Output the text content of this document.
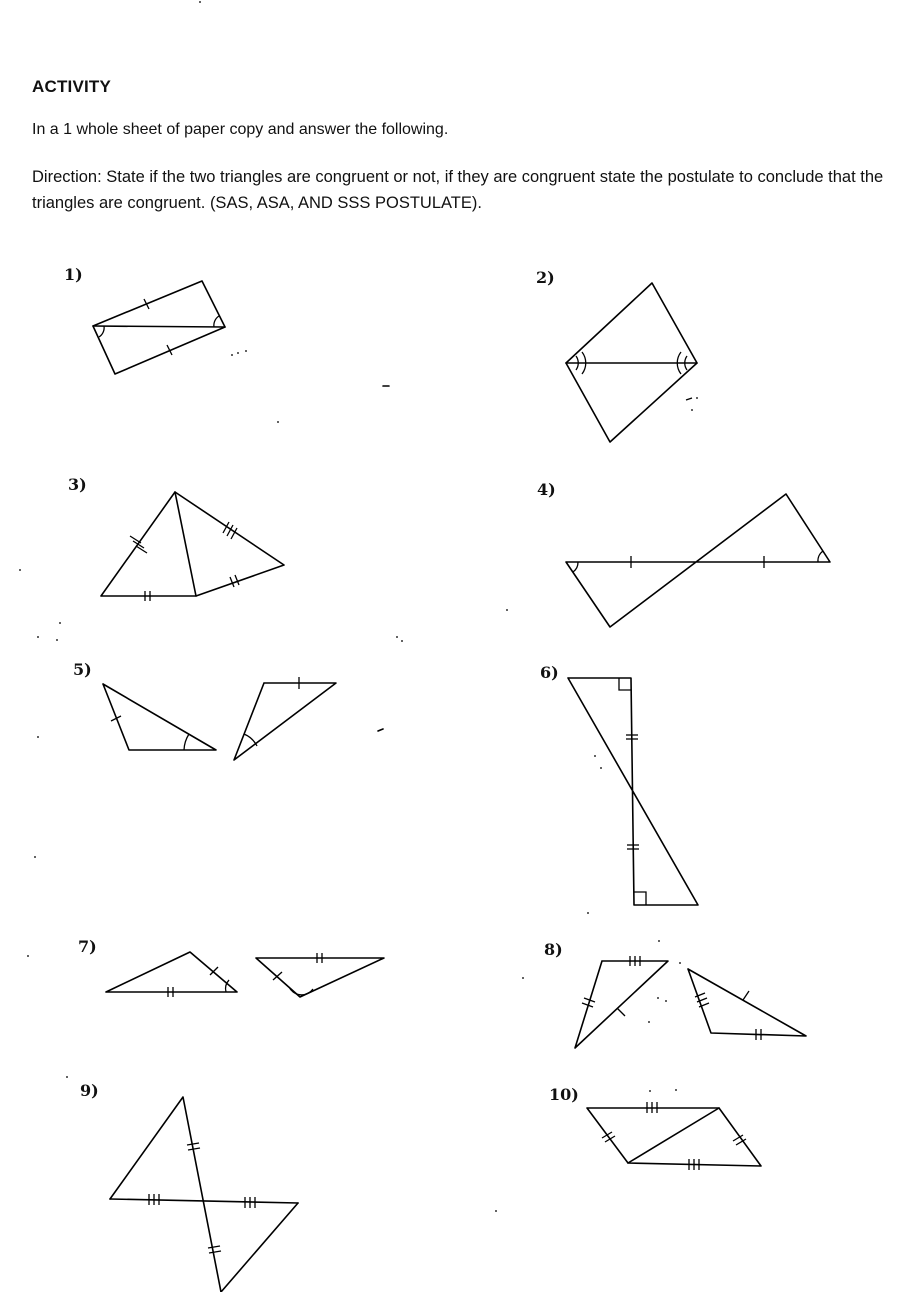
ACTIVITY
In a 1 whole sheet of paper copy and answer the following.
Direction: State if the two triangles are congruent or not, if they are congruent state the postulate to conclude that the triangles are congruent. (SAS, ASA, AND SSS POSTULATE).
1)	2)
3)	4)
5)	6)
7)	8)
9)	10)
